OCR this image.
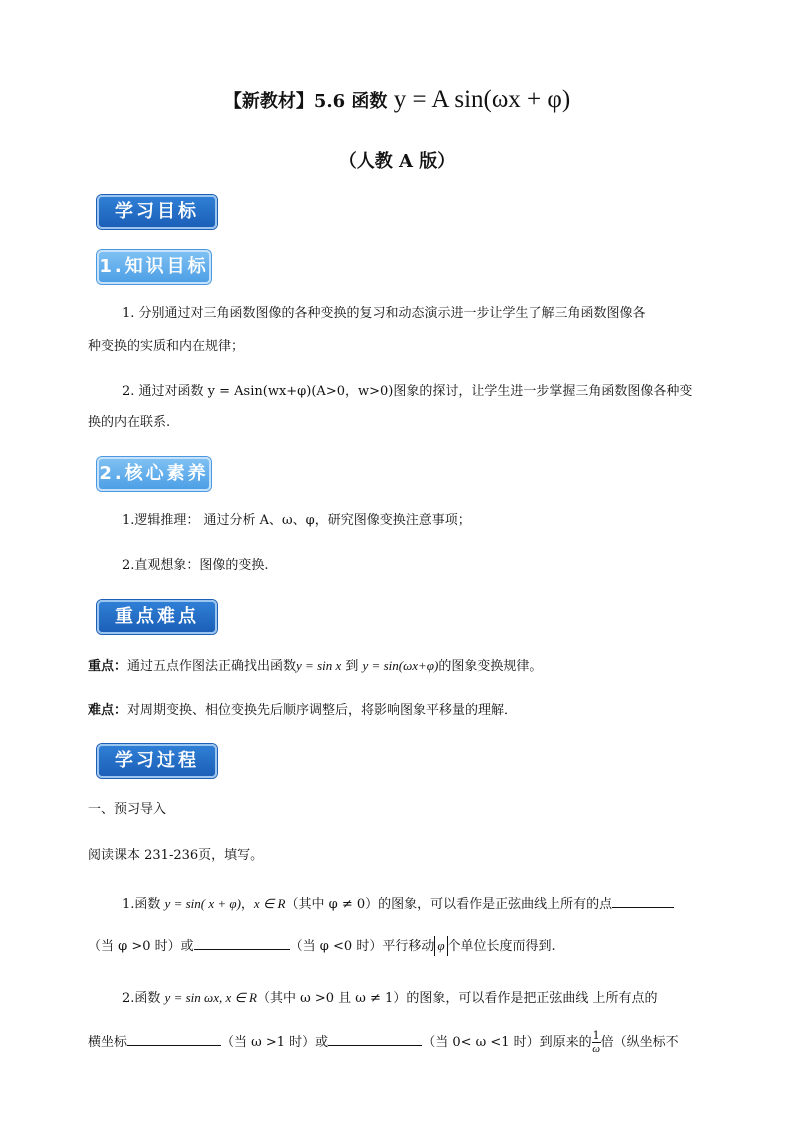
【新教材】5.6 函数 y = A sin(ωx + φ)
（人教 A 版）
学习目标
1.知识目标
1. 分别通过对三角函数图像的各种变换的复习和动态演示进一步让学生了解三角函数图像各
种变换的实质和内在规律；
2. 通过对函数 y = Asin(wx+φ)(A>0，w>0)图象的探讨，让学生进一步掌握三角函数图像各种变
换的内在联系.
2.核心素养
1.逻辑推理： 通过分析 A、ω、φ，研究图像变换注意事项；
2.直观想象：图像的变换.
重点难点
重点：通过五点作图法正确找出函数y = sin x 到 y = sin(ωx+φ)的图象变换规律。
难点：对周期变换、相位变换先后顺序调整后，将影响图象平移量的理解．
学习过程
一、预习导入
阅读课本 231-236页，填写。
1.函数 y = sin( x + φ)，x ∈ R（其中 φ ≠ 0）的图象，可以看作是正弦曲线上所有的点
（当 φ >0 时）或	（当 φ <0 时）平行移动 φ 个单位长度而得到.
2.函数 y = sin ωx, x ∈ R（其中 ω >0 且 ω ≠ 1）的图象，可以看作是把正弦曲线 上所有点的
横坐标	（当 ω >1 时）或	（当 0< ω <1 时）到原来的 $\frac{1}{\omega}$ 倍（纵坐标不
